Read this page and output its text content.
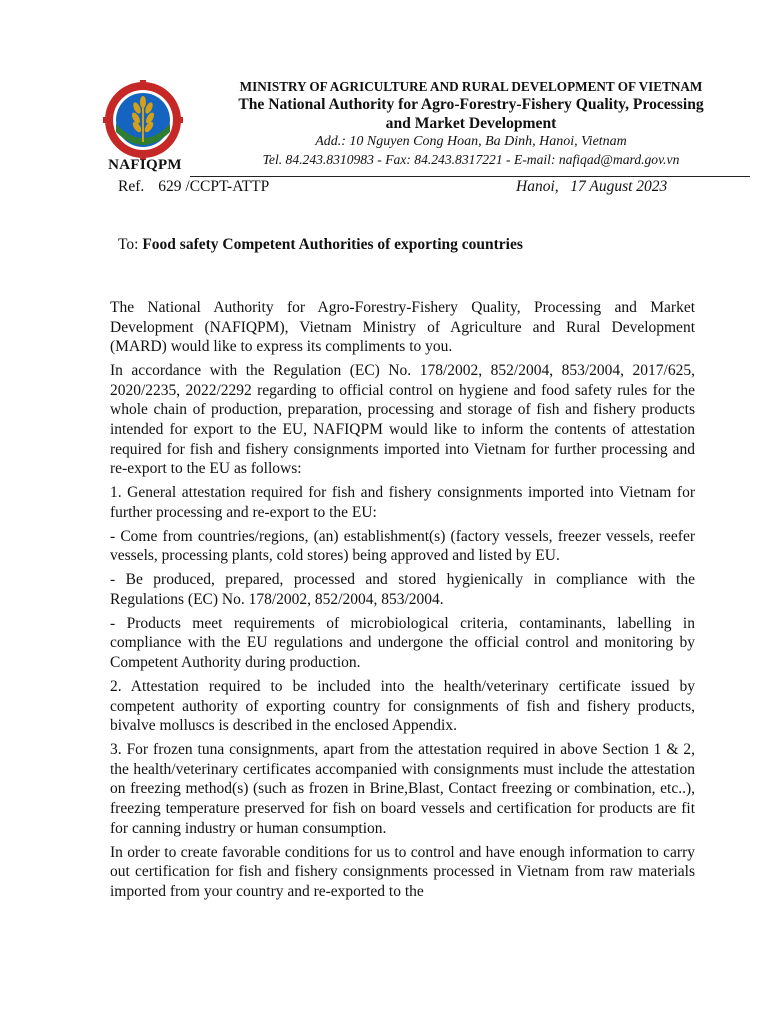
NAFIQPM
MINISTRY OF AGRICULTURE AND RURAL DEVELOPMENT OF VIETNAM
The National Authority for Agro-Forestry-Fishery Quality, Processing
and Market Development
Add.: 10 Nguyen Cong Hoan, Ba Dinh, Hanoi, Vietnam
Tel. 84.243.8310983 - Fax: 84.243.8317221 - E-mail: nafiqad@mard.gov.vn
Ref. 629 /CCPT-ATTP	Hanoi,   17 August 2023
To: Food safety Competent Authorities of exporting countries

The National Authority for Agro-Forestry-Fishery Quality, Processing and Market Development (NAFIQPM), Vietnam Ministry of Agriculture and Rural Development (MARD) would like to express its compliments to you.

In accordance with the Regulation (EC) No. 178/2002, 852/2004, 853/2004, 2017/625, 2020/2235, 2022/2292 regarding to official control on hygiene and food safety rules for the whole chain of production, preparation, processing and storage of fish and fishery products intended for export to the EU, NAFIQPM would like to inform the contents of attestation required for fish and fishery consignments imported into Vietnam for further processing and re-export to the EU as follows:

1. General attestation required for fish and fishery consignments imported into Vietnam for further processing and re-export to the EU:

- Come from countries/regions, (an) establishment(s) (factory vessels, freezer vessels, reefer vessels, processing plants, cold stores) being approved and listed by EU.

- Be produced, prepared, processed and stored hygienically in compliance with the Regulations (EC) No. 178/2002, 852/2004, 853/2004.

- Products meet requirements of microbiological criteria, contaminants, labelling in compliance with the EU regulations and undergone the official control and monitoring by Competent Authority during production.

2. Attestation required to be included into the health/veterinary certificate issued by competent authority of exporting country for consignments of fish and fishery products, bivalve molluscs is described in the enclosed Appendix.

3. For frozen tuna consignments, apart from the attestation required in above Section 1 & 2, the health/veterinary certificates accompanied with consignments must include the attestation on freezing method(s) (such as frozen in Brine,Blast, Contact freezing or combination, etc..), freezing temperature preserved for fish on board vessels and certification for products are fit for canning industry or human consumption.

In order to create favorable conditions for us to control and have enough information to carry out certification for fish and fishery consignments processed in Vietnam from raw materials imported from your country and re-exported to the
